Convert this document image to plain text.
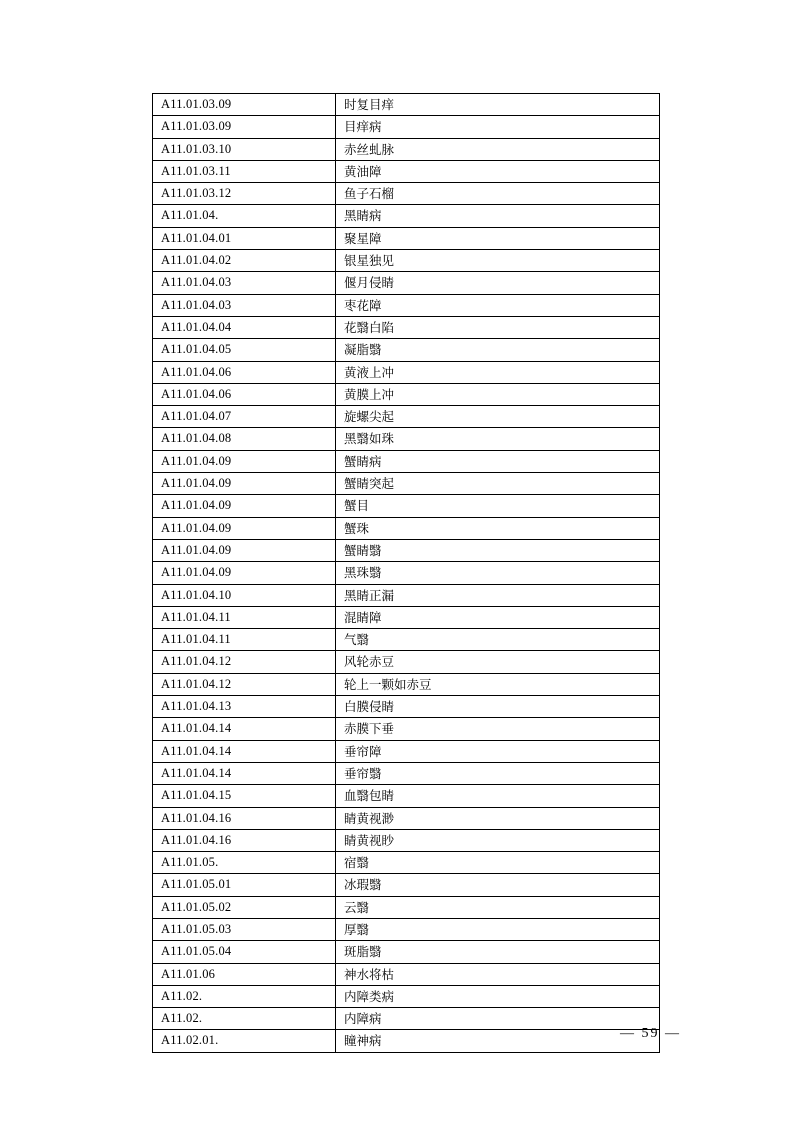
A11.01.03.09	时复目痒
A11.01.03.09	目痒病
A11.01.03.10	赤丝虬脉
A11.01.03.11	黄油障
A11.01.03.12	鱼子石榴
A11.01.04.	黑睛病
A11.01.04.01	聚星障
A11.01.04.02	银星独见
A11.01.04.03	偃月侵睛
A11.01.04.03	枣花障
A11.01.04.04	花翳白陷
A11.01.04.05	凝脂翳
A11.01.04.06	黄液上冲
A11.01.04.06	黄膜上冲
A11.01.04.07	旋螺尖起
A11.01.04.08	黑翳如珠
A11.01.04.09	蟹睛病
A11.01.04.09	蟹睛突起
A11.01.04.09	蟹目
A11.01.04.09	蟹珠
A11.01.04.09	蟹睛翳
A11.01.04.09	黑珠翳
A11.01.04.10	黑睛正漏
A11.01.04.11	混睛障
A11.01.04.11	气翳
A11.01.04.12	风轮赤豆
A11.01.04.12	轮上一颗如赤豆
A11.01.04.13	白膜侵睛
A11.01.04.14	赤膜下垂
A11.01.04.14	垂帘障
A11.01.04.14	垂帘翳
A11.01.04.15	血翳包睛
A11.01.04.16	睛黄视渺
A11.01.04.16	睛黄视眇
A11.01.05.	宿翳
A11.01.05.01	冰瑕翳
A11.01.05.02	云翳
A11.01.05.03	厚翳
A11.01.05.04	斑脂翳
A11.01.06	神水将枯
A11.02.	内障类病
A11.02.	内障病
A11.02.01.	瞳神病	— 59 —
